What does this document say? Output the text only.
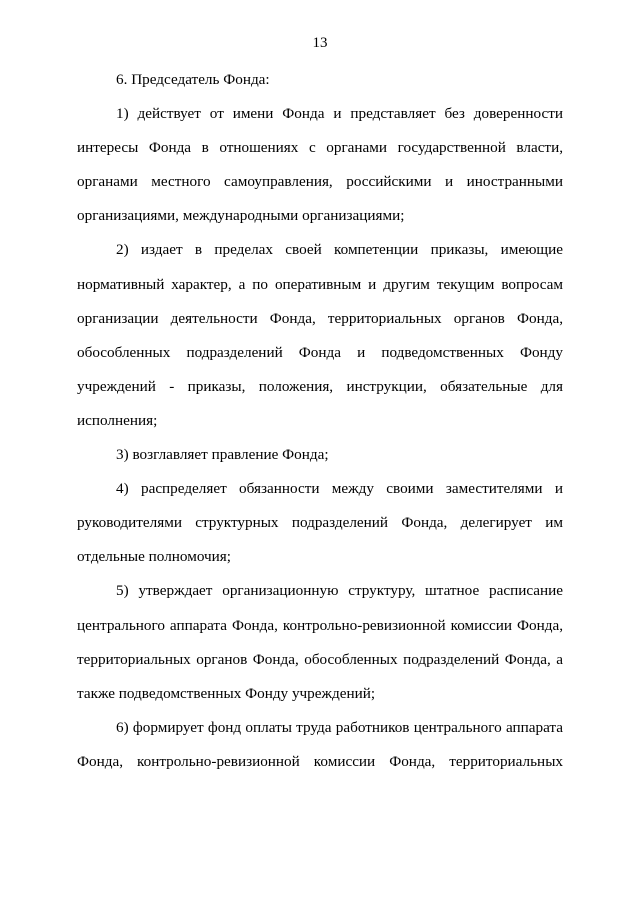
13

6. Председатель Фонда:

1) действует от имени Фонда и представляет без доверенности интересы Фонда в отношениях с органами государственной власти, органами местного самоуправления, российскими и иностранными организациями, международными организациями;

2) издает в пределах своей компетенции приказы, имеющие нормативный характер, а по оперативным и другим текущим вопросам организации деятельности Фонда, территориальных органов Фонда, обособленных подразделений Фонда и подведомственных Фонду учреждений - приказы, положения, инструкции, обязательные для исполнения;

3) возглавляет правление Фонда;

4) распределяет обязанности между своими заместителями и руководителями структурных подразделений Фонда, делегирует им отдельные полномочия;

5) утверждает организационную структуру, штатное расписание центрального аппарата Фонда, контрольно-ревизионной комиссии Фонда, территориальных органов Фонда, обособленных подразделений Фонда, а также подведомственных Фонду учреждений;

6) формирует фонд оплаты труда работников центрального аппарата Фонда, контрольно-ревизионной комиссии Фонда, территориальных
